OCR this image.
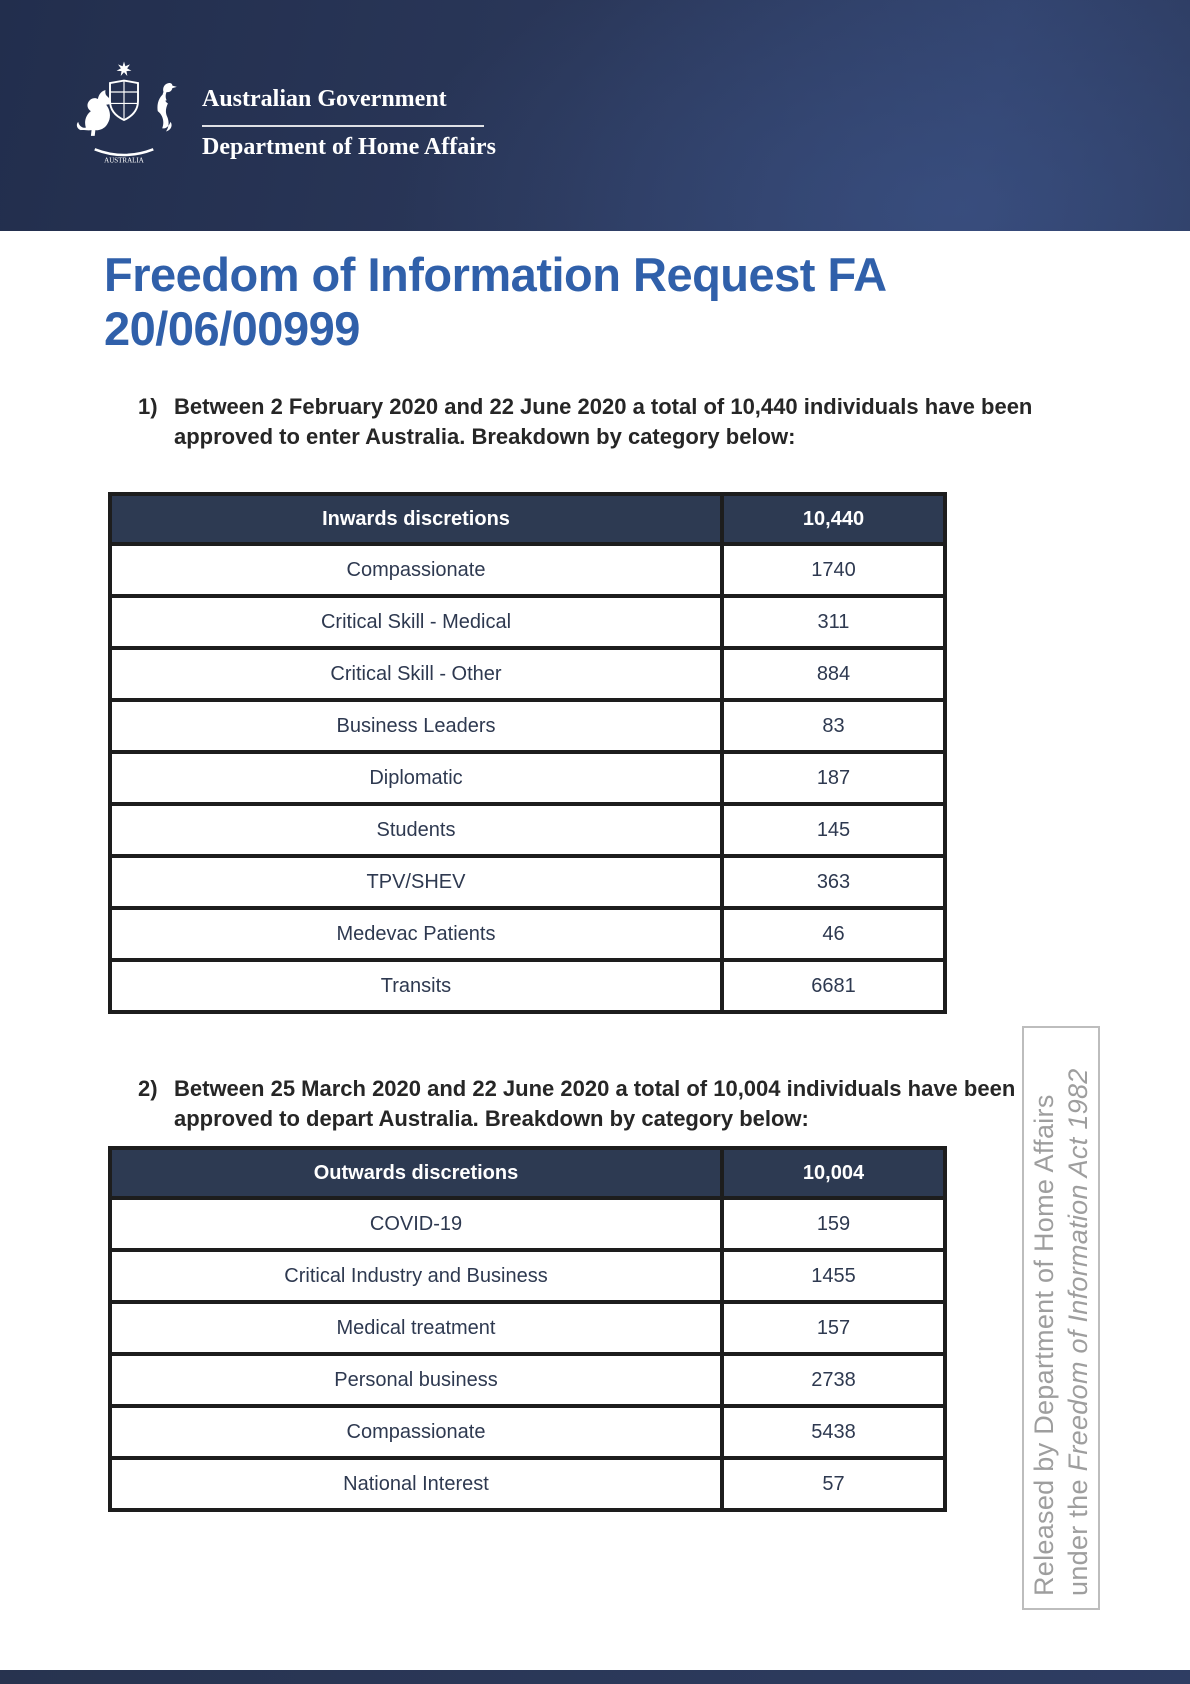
AUSTRALIA
Australian Government
Department of Home Affairs
Freedom of Information Request FA
20/06/00999
1) Between 2 February 2020 and 22 June 2020 a total of 10,440 individuals have been approved to enter Australia. Breakdown by category below:
Inwards discretions	10,440
Compassionate	1740
Critical Skill - Medical	311
Critical Skill - Other	884
Business Leaders	83
Diplomatic	187
Students	145
TPV/SHEV	363
Medevac Patients	46
Transits	6681
2) Between 25 March 2020 and 22 June 2020 a total of 10,004 individuals have been approved to depart Australia. Breakdown by category below:
Outwards discretions	10,004
COVID-19	159
Critical Industry and Business	1455
Medical treatment	157
Personal business	2738
Compassionate	5438
National Interest	57	Released by Department of Home Affairs under the Freedom of Information Act 1982
